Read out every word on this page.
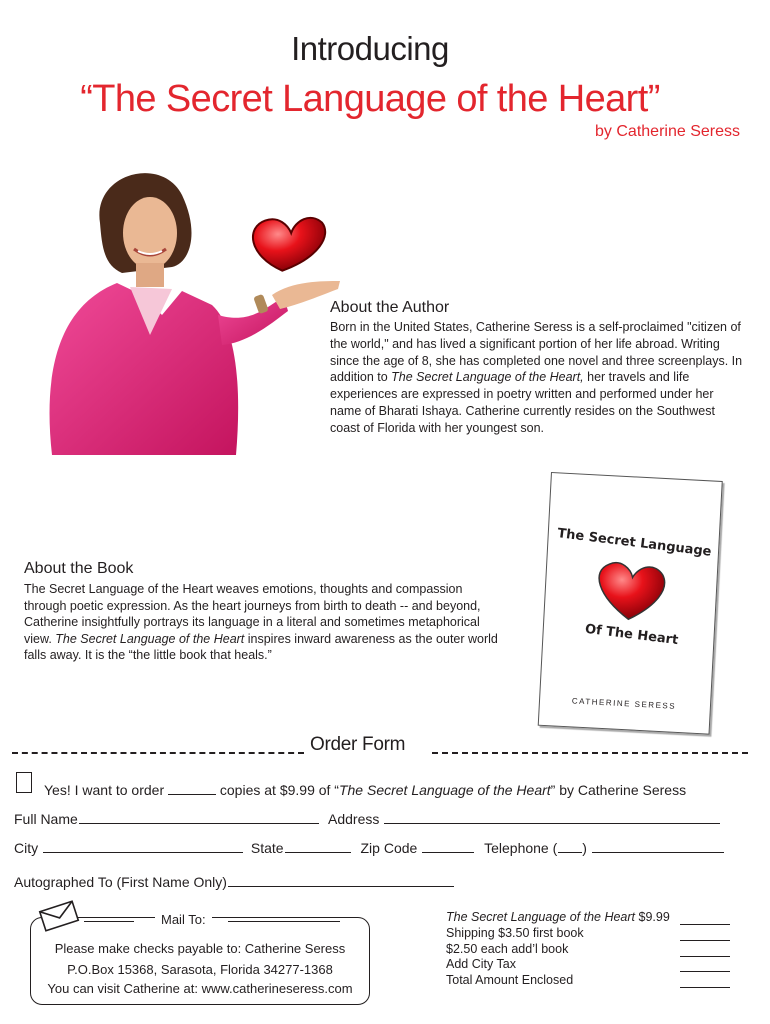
Introducing
“The Secret Language of the Heart”
by Catherine Seress
About the Author
Born in the United States, Catherine Seress is a self-proclaimed "citizen of the world," and has lived a significant portion of her life abroad. Writing since the age of 8, she has completed one novel and three screenplays. In addition to The Secret Language of the Heart, her travels and life experiences are expressed in poetry written and performed under her name of Bharati Ishaya. Catherine currently resides on the Southwest coast of Florida with her youngest son.
The Secret Language
Of The Heart
CATHERINE SERESS
About the Book
The Secret Language of the Heart weaves emotions, thoughts and compassion through poetic expression. As the heart journeys from birth to death -- and beyond, Catherine insightfully portrays its language in a literal and sometimes metaphorical view. The Secret Language of the Heart inspires inward awareness as the outer world falls away. It is the “the little book that heals.”
Order Form
Yes! I want to order	copies at $9.99 of “The Secret Language of the Heart” by Catherine Seress
Full Name	Address
City	State	Zip Code	Telephone ( )
Autographed To (First Name Only)
Mail To:
Please make checks payable to: Catherine Seress
P.O.Box 15368, Sarasota, Florida 34277-1368
You can visit Catherine at: www.catherineseress.com
The Secret Language of the Heart $9.99
Shipping $3.50 first book
$2.50 each add’l book
Add City Tax
Total Amount Enclosed
